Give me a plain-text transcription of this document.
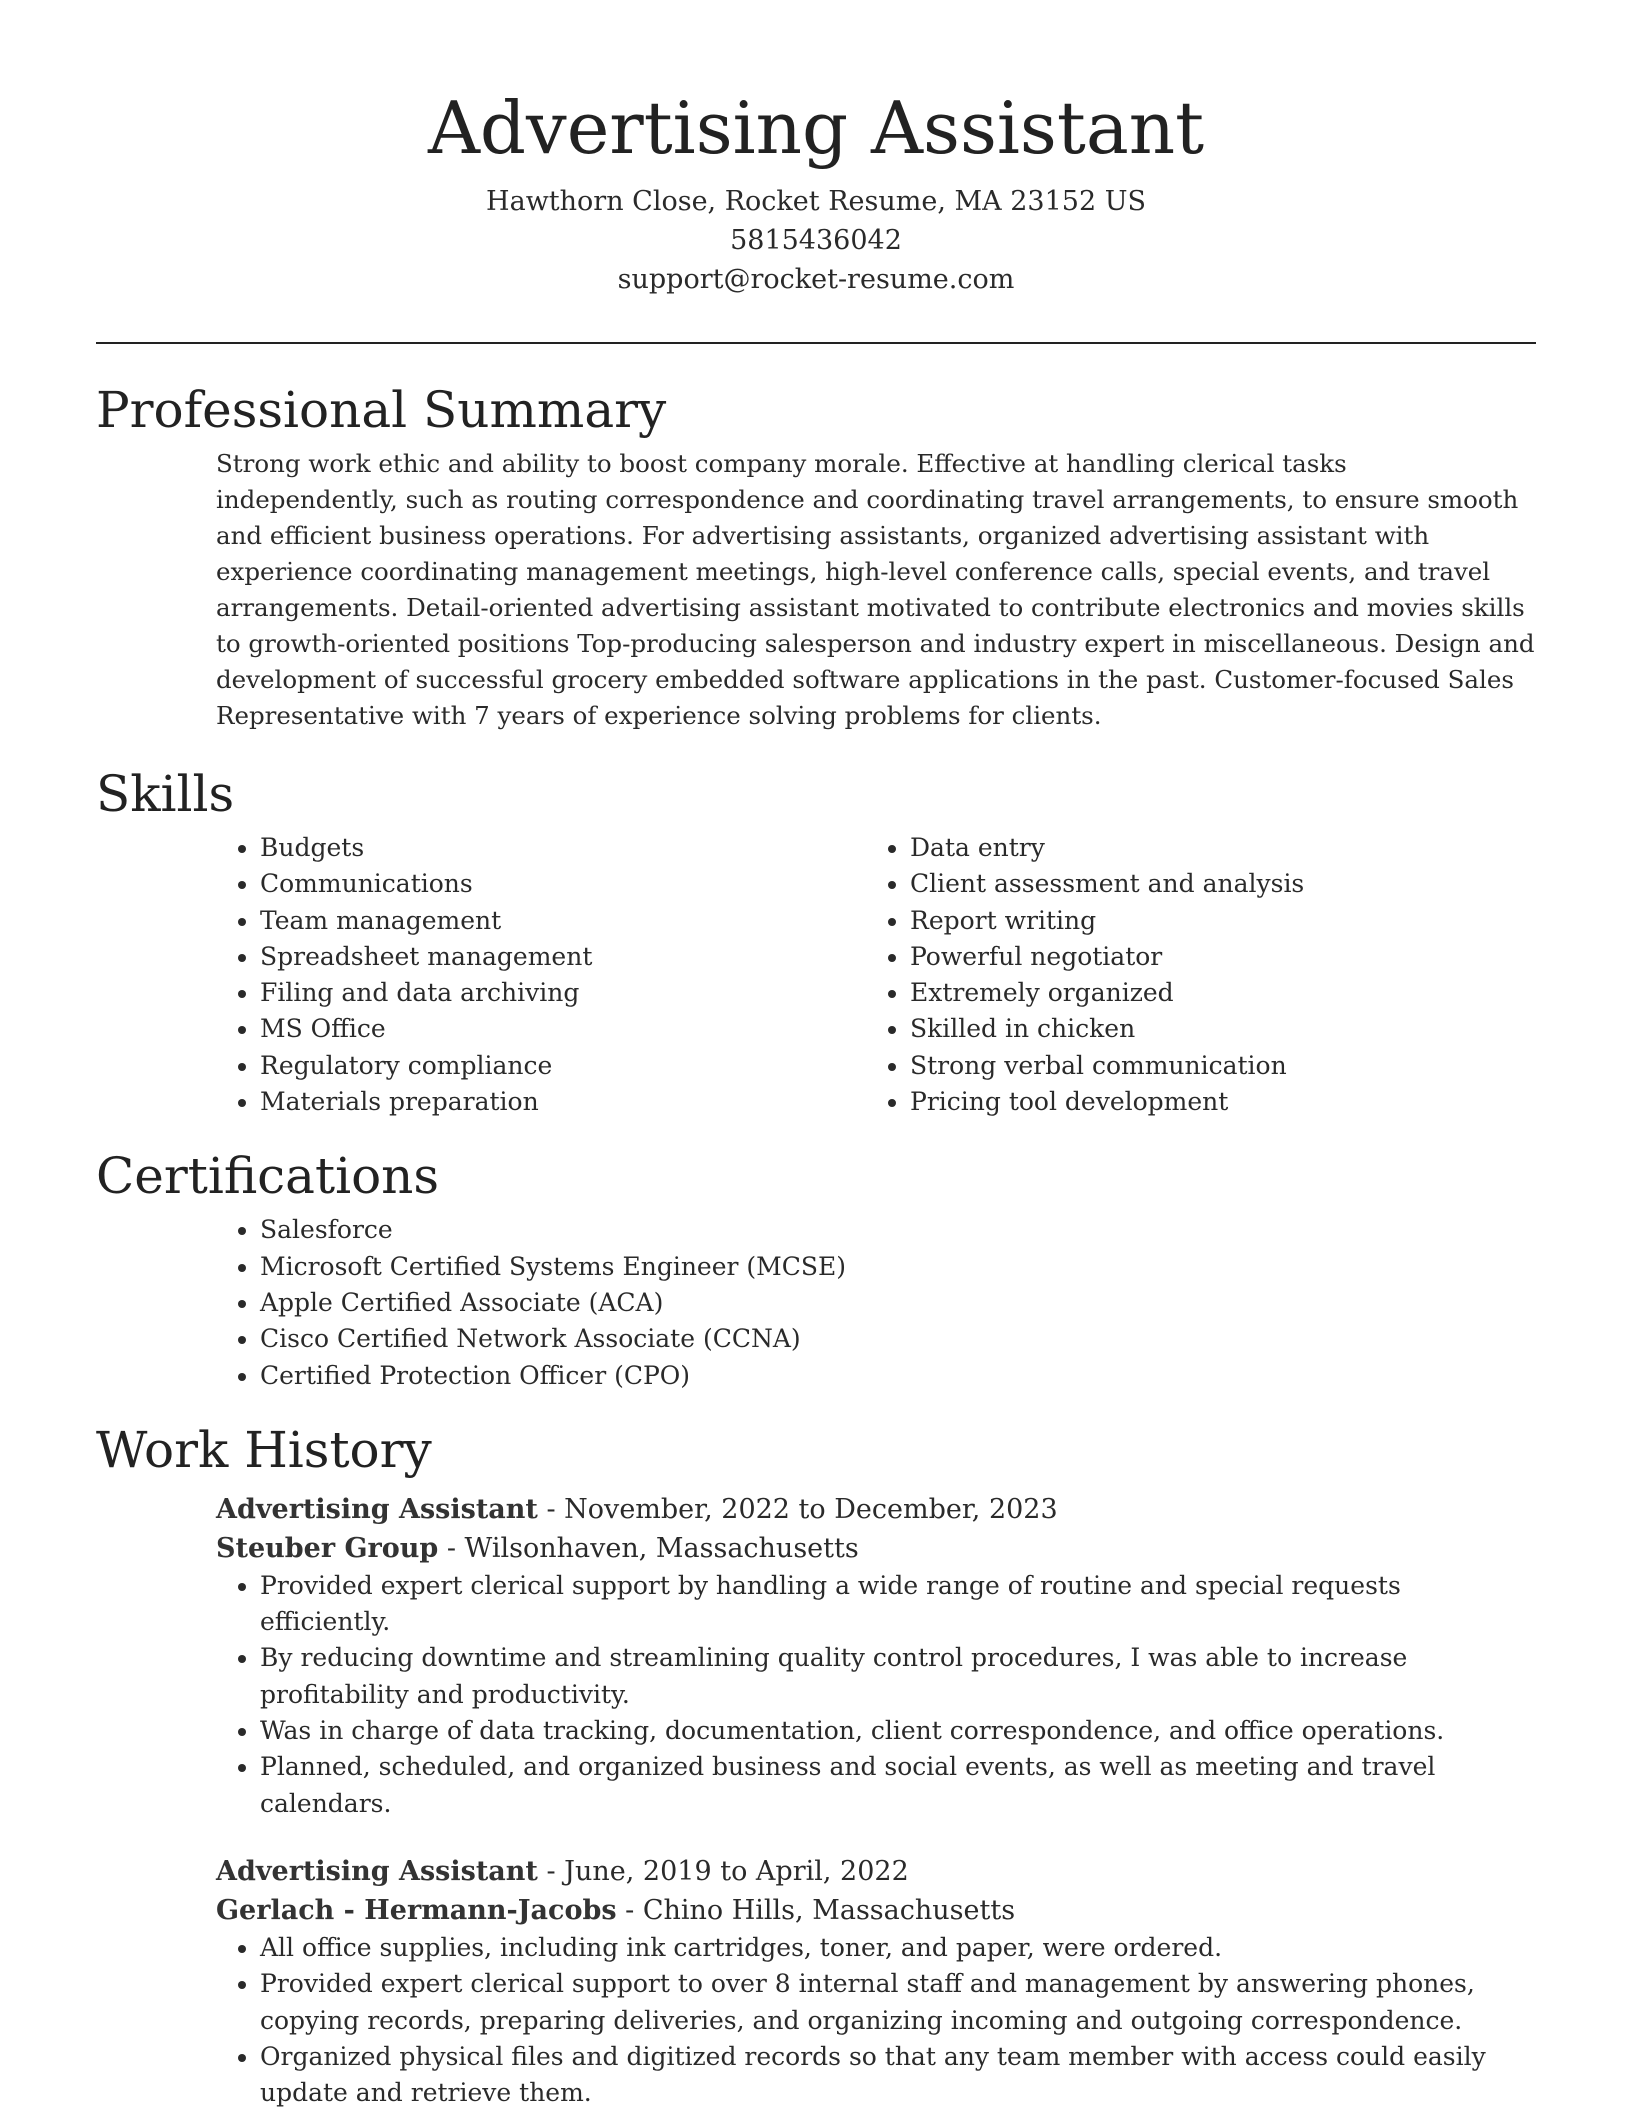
Advertising Assistant
Hawthorn Close, Rocket Resume, MA 23152 US
5815436042
support@rocket-resume.com
Professional Summary

Strong work ethic and ability to boost company morale. Effective at handling clerical tasks independently, such as routing correspondence and coordinating travel arrangements, to ensure smooth and efficient business operations. For advertising assistants, organized advertising assistant with experience coordinating management meetings, high-level conference calls, special events, and travel arrangements. Detail-oriented advertising assistant motivated to contribute electronics and movies skills to growth-oriented positions Top-producing salesperson and industry expert in miscellaneous. Design and development of successful grocery embedded software applications in the past. Customer-focused Sales Representative with 7 years of experience solving problems for clients.

Skills
• Budgets
• Communications
• Team management
• Spreadsheet management
• Filing and data archiving
• MS Office
• Regulatory compliance
• Materials preparation
• Data entry
• Client assessment and analysis
• Report writing
• Powerful negotiator
• Extremely organized
• Skilled in chicken
• Strong verbal communication
• Pricing tool development
Certifications
• Salesforce
• Microsoft Certified Systems Engineer (MCSE)
• Apple Certified Associate (ACA)
• Cisco Certified Network Associate (CCNA)
• Certified Protection Officer (CPO)
Work History
Advertising Assistant - November, 2022 to December, 2023
Steuber Group - Wilsonhaven, Massachusetts
• Provided expert clerical support by handling a wide range of routine and special requests efficiently.
• By reducing downtime and streamlining quality control procedures, I was able to increase profitability and productivity.
• Was in charge of data tracking, documentation, client correspondence, and office operations.
• Planned, scheduled, and organized business and social events, as well as meeting and travel calendars.
Advertising Assistant - June, 2019 to April, 2022
Gerlach - Hermann-Jacobs - Chino Hills, Massachusetts
• All office supplies, including ink cartridges, toner, and paper, were ordered.
• Provided expert clerical support to over 8 internal staff and management by answering phones, copying records, preparing deliveries, and organizing incoming and outgoing correspondence.
• Organized physical files and digitized records so that any team member with access could easily update and retrieve them.
